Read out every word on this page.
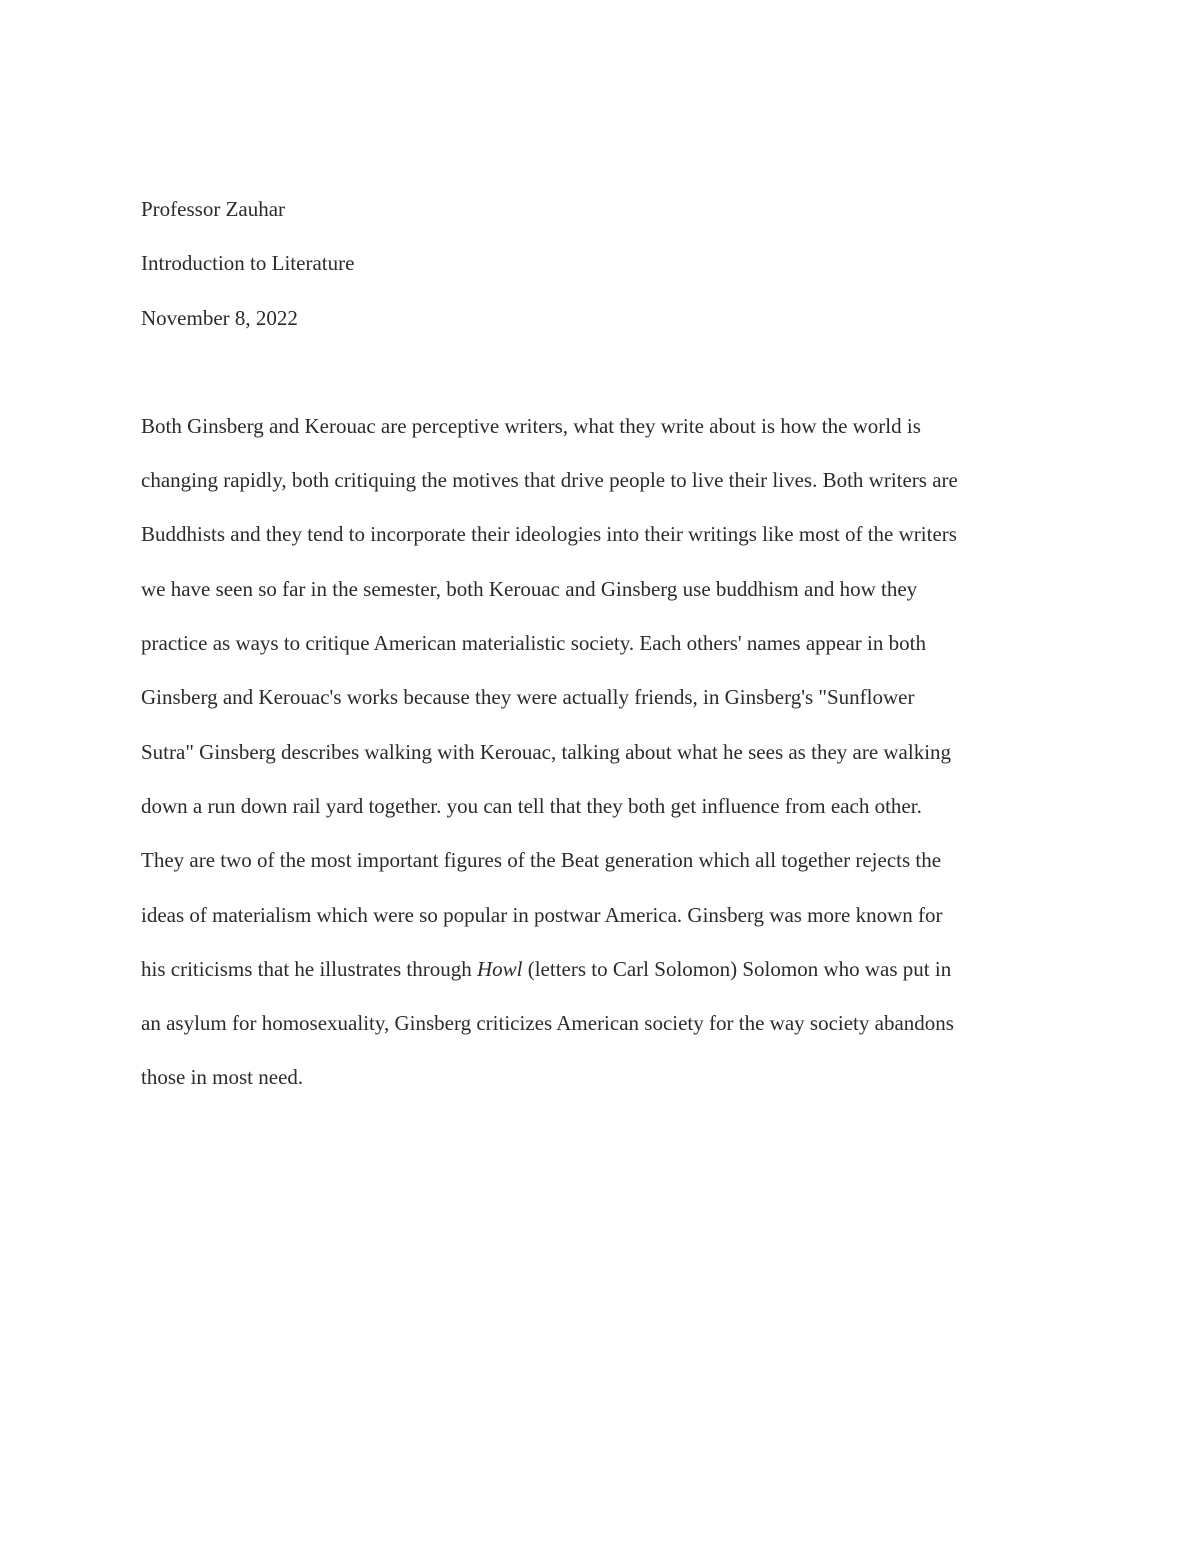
Professor Zauhar
Introduction to Literature
November 8, 2022
Both Ginsberg and Kerouac are perceptive writers, what they write about is how the world is
changing rapidly, both critiquing the motives that drive people to live their lives. Both writers are
Buddhists and they tend to incorporate their ideologies into their writings like most of the writers
we have seen so far in the semester, both Kerouac and Ginsberg use buddhism and how they
practice as ways to critique American materialistic society. Each others' names appear in both
Ginsberg and Kerouac's works because they were actually friends, in Ginsberg's "Sunflower
Sutra" Ginsberg describes walking with Kerouac, talking about what he sees as they are walking
down a run down rail yard together. you can tell that they both get influence from each other.
They are two of the most important figures of the Beat generation which all together rejects the
ideas of materialism which were so popular in postwar America. Ginsberg was more known for
his criticisms that he illustrates through Howl (letters to Carl Solomon) Solomon who was put in
an asylum for homosexuality, Ginsberg criticizes American society for the way society abandons
those in most need.
